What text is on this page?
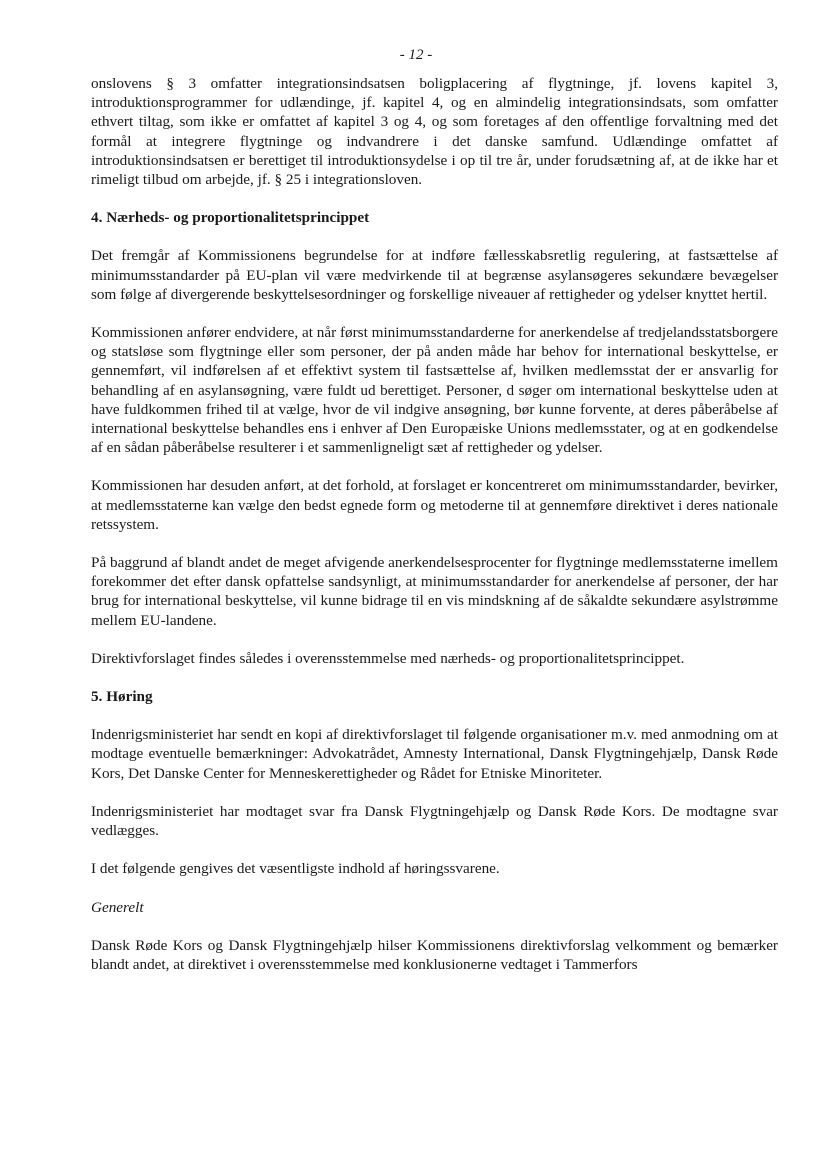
- 12 -

onslovens § 3 omfatter integrationsindsatsen boligplacering af flygtninge, jf. lovens kapitel 3, introduktionsprogrammer for udlændinge, jf. kapitel 4, og en almindelig integrationsindsats, som omfatter ethvert tiltag, som ikke er omfattet af kapitel 3 og 4, og som foretages af den offentlige forvaltning med det formål at integrere flygtninge og indvandrere i det danske samfund. Udlændinge omfattet af introduktionsindsatsen er berettiget til introduktionsydelse i op til tre år, under forudsætning af, at de ikke har et rimeligt tilbud om arbejde, jf. § 25 i integrationsloven.

4. Nærheds- og proportionalitetsprincippet

Det fremgår af Kommissionens begrundelse for at indføre fællesskabsretlig regulering, at fastsættelse af minimumsstandarder på EU-plan vil være medvirkende til at begrænse asylansøgeres sekundære bevægelser som følge af divergerende beskyttelsesordninger og forskellige niveauer af rettigheder og ydelser knyttet hertil.

Kommissionen anfører endvidere, at når først minimumsstandarderne for anerkendelse af tredjelandsstatsborgere og statsløse som flygtninge eller som personer, der på anden måde har behov for international beskyttelse, er gennemført, vil indførelsen af et effektivt system til fastsættelse af, hvilken medlemsstat der er ansvarlig for behandling af en asylansøgning, være fuldt ud berettiget. Personer, d søger om international beskyttelse uden at have fuldkommen frihed til at vælge, hvor de vil indgive ansøgning, bør kunne forvente, at deres påberåbelse af international beskyttelse behandles ens i enhver af Den Europæiske Unions medlemsstater, og at en godkendelse af en sådan påberåbelse resulterer i et sammenligneligt sæt af rettigheder og ydelser.

Kommissionen har desuden anført, at det forhold, at forslaget er koncentreret om minimumsstandarder, bevirker, at medlemsstaterne kan vælge den bedst egnede form og metoderne til at gennemføre direktivet i deres nationale retssystem.

På baggrund af blandt andet de meget afvigende anerkendelsesprocenter for flygtninge medlemsstaterne imellem forekommer det efter dansk opfattelse sandsynligt, at minimumsstandarder for anerkendelse af personer, der har brug for international beskyttelse, vil kunne bidrage til en vis mindskning af de såkaldte sekundære asylstrømme mellem EU-landene.

Direktivforslaget findes således i overensstemmelse med nærheds- og proportionalitetsprincippet.

5. Høring

Indenrigsministeriet har sendt en kopi af direktivforslaget til følgende organisationer m.v. med anmodning om at modtage eventuelle bemærkninger: Advokatrådet, Amnesty International, Dansk Flygtningehjælp, Dansk Røde Kors, Det Danske Center for Menneskerettigheder og Rådet for Etniske Minoriteter.

Indenrigsministeriet har modtaget svar fra Dansk Flygtningehjælp og Dansk Røde Kors. De modtagne svar vedlægges.

I det følgende gengives det væsentligste indhold af høringssvarene.

Generelt

Dansk Røde Kors og Dansk Flygtningehjælp hilser Kommissionens direktivforslag velkomment og bemærker blandt andet, at direktivet i overensstemmelse med konklusionerne vedtaget i Tammerfors
